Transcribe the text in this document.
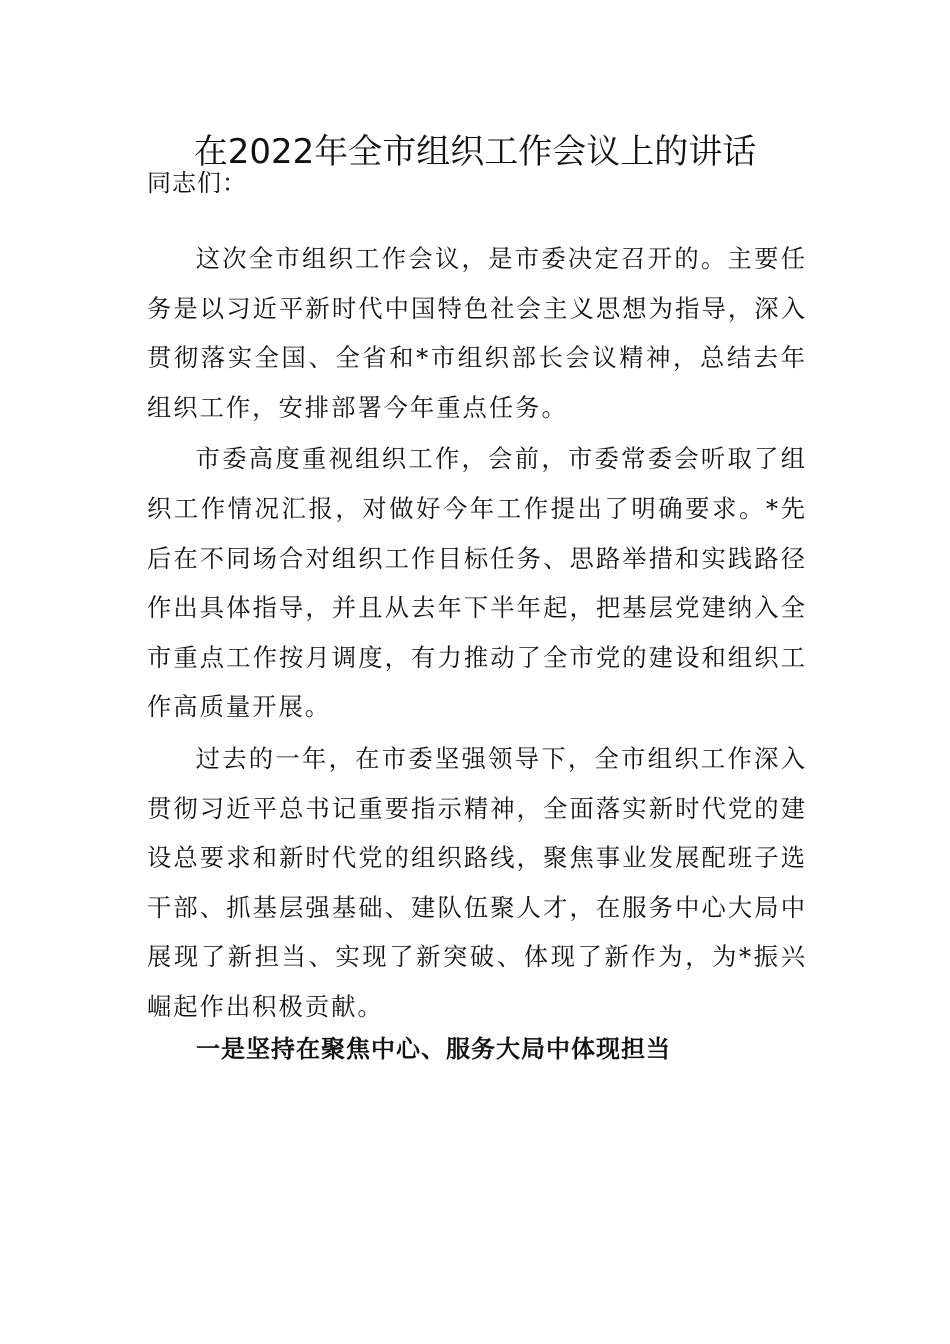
在2022年全市组织工作会议上的讲话

同志们：

这次全市组织工作会议，是市委决定召开的。主要任务是以习近平新时代中国特色社会主义思想为指导，深入贯彻落实全国、全省和*市组织部长会议精神，总结去年组织工作，安排部署今年重点任务。

市委高度重视组织工作，会前，市委常委会听取了组织工作情况汇报，对做好今年工作提出了明确要求。*先后在不同场合对组织工作目标任务、思路举措和实践路径作出具体指导，并且从去年下半年起，把基层党建纳入全市重点工作按月调度，有力推动了全市党的建设和组织工作高质量开展。

过去的一年，在市委坚强领导下，全市组织工作深入贯彻习近平总书记重要指示精神，全面落实新时代党的建设总要求和新时代党的组织路线，聚焦事业发展配班子选干部、抓基层强基础、建队伍聚人才，在服务中心大局中展现了新担当、实现了新突破、体现了新作为，为*振兴崛起作出积极贡献。

一是坚持在聚焦中心、服务大局中体现担当
